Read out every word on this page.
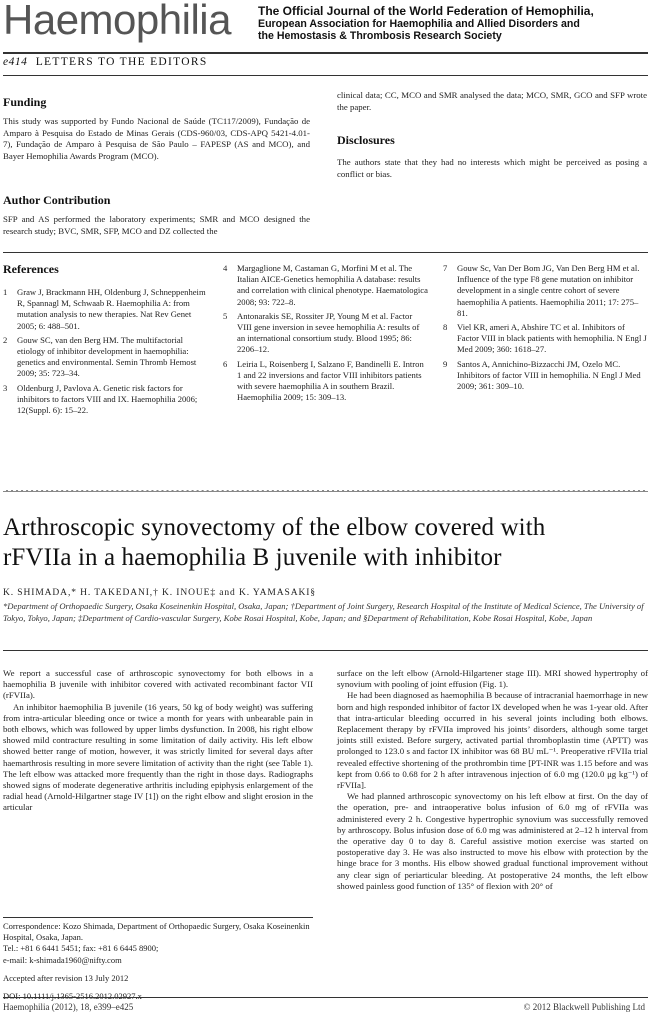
Haemophilia The Official Journal of the World Federation of Hemophilia,
European Association for Haemophilia and Allied Disorders and
the Hemostasis & Thrombosis Research Society
e414 LETTERS TO THE EDITORS
Funding
This study was supported by Fundo Nacional de Saúde (TC117/2009), Fundação de Amparo à Pesquisa do Estado de Minas Gerais (CDS-960/03, CDS-APQ 5421-4.01-7), Fundação de Amparo à Pesquisa de São Paulo – FAPESP (AS and MCO), and Bayer Hemophilia Awards Program (MCO).
Author Contribution
SFP and AS performed the laboratory experiments; SMR and MCO designed the research study; BVC, SMR, SFP, MCO and DZ collected the
clinical data; CC, MCO and SMR analysed the data; MCO, SMR, GCO and SFP wrote the paper.
Disclosures
The authors state that they had no interests which might be perceived as posing a conflict or bias.
References
1 Graw J, Brackmann HH, Oldenburg J, Schneppenheim R, Spannagl M, Schwaab R. Haemophilia A: from mutation analysis to new therapies. Nat Rev Genet 2005; 6: 488–501.
2 Gouw SC, van den Berg HM. The multifactorial etiology of inhibitor development in haemophilia: genetics and environmental. Semin Thromb Hemost 2009; 35: 723–34.
3 Oldenburg J, Pavlova A. Genetic risk factors for inhibitors to factors VIII and IX. Haemophilia 2006; 12(Suppl. 6): 15–22.
4 Margaglione M, Castaman G, Morfini M et al. The Italian AICE-Genetics hemophilia A database: results and correlation with clinical phenotype. Haematologica 2008; 93: 722–8.
5 Antonarakis SE, Rossiter JP, Young M et al. Factor VIII gene inversion in sevee hemophilia A: results of an international consortium study. Blood 1995; 86: 2206–12.
6 Leiria L, Roisenberg I, Salzano F, Bandinelli E. Intron 1 and 22 inversions and factor VIII inhibitors patients with severe haemophilia A in southern Brazil. Haemophilia 2009; 15: 309–13.
7 Gouw Sc, Van Der Bom JG, Van Den Berg HM et al. Influence of the type F8 gene mutation on inhibitor development in a single centre cohort of severe haemophilia A patients. Haemophilia 2011; 17: 275–81.
8 Viel KR, ameri A, Abshire TC et al. Inhibitors of Factor VIII in black patients with hemophilia. N Engl J Med 2009; 360: 1618–27.
9 Santos A, Annichino-Bizzacchi JM, Ozelo MC. Inhibitors of factor VIII in hemophilia. N Engl J Med 2009; 361: 309–10.
Arthroscopic synovectomy of the elbow covered with
rFVIIa in a haemophilia B juvenile with inhibitor
K. SHIMADA,* H. TAKEDANI,† K. INOUE‡ and K. YAMASAKI§
*Department of Orthopaedic Surgery, Osaka Koseinenkin Hospital, Osaka, Japan; †Department of Joint Surgery, Research Hospital of the Institute of Medical Science, The University of Tokyo, Tokyo, Japan; ‡Department of Cardio-vascular Surgery, Kobe Rosai Hospital, Kobe, Japan; and §Department of Rehabilitation, Kobe Rosai Hospital, Kobe, Japan

We report a successful case of arthroscopic synovectomy for both elbows in a haemophilia B juvenile with inhibitor covered with activated recombinant factor VII (rFVIIa).

An inhibitor haemophilia B juvenile (16 years, 50 kg of body weight) was suffering from intra-articular bleeding once or twice a month for years with unbearable pain in both elbows, which was followed by upper limbs dysfunction. In 2008, his right elbow showed mild contracture resulting in some limitation of daily activity. His left elbow showed better range of motion, however, it was strictly limited for several days after haemarthrosis resulting in more severe limitation of activity than the right (see Table 1). The left elbow was attacked more frequently than the right in those days. Radiographs showed signs of moderate degenerative arthritis including epiphysis enlargement of the radial head (Arnold-Hilgartner stage IV [1]) on the right elbow and slight erosion in the articular

surface on the left elbow (Arnold-Hilgartener stage III). MRI showed hypertrophy of synovium with pooling of joint effusion (Fig. 1).

He had been diagnosed as haemophilia B because of intracranial haemorrhage in new born and high responded inhibitor of factor IX developed when he was 1-year old. After that intra-articular bleeding occurred in his several joints including both elbows. Replacement therapy by rFVIIa improved his joints’ disorders, although some target joints still existed. Before surgery, activated partial thromboplastin time (APTT) was prolonged to 123.0 s and factor IX inhibitor was 68 BU mL⁻¹. Preoperative rFVIIa trial revealed effective shortening of the prothrombin time [PT-INR was 1.15 before and was kept from 0.66 to 0.68 for 2 h after intravenous injection of 6.0 mg (120.0 μg kg⁻¹) of rFVIIa].

We had planned arthroscopic synovectomy on his left elbow at first. On the day of the operation, pre- and intraoperative bolus infusion of 6.0 mg of rFVIIa was administered every 2 h. Congestive hypertrophic synovium was successfully removed by arthroscopy. Bolus infusion dose of 6.0 mg was administered at 2–12 h interval from the operative day 0 to day 8. Careful assistive motion exercise was started on postoperative day 3. He was also instructed to move his elbow with protection by the hinge brace for 3 months. His elbow showed gradual functional improvement without any clear sign of periarticular bleeding. At postoperative 24 months, the left elbow showed painless good function of 135° of flexion with 20° of

Correspondence: Kozo Shimada, Department of Orthopaedic Surgery, Osaka Koseinenkin Hospital, Osaka, Japan.
Tel.: +81 6 6441 5451; fax: +81 6 6445 8900;
e-mail: k-shimada1960@nifty.com
Accepted after revision 13 July 2012
Haemophilia (2012), 18, e399–e425	© 2012 Blackwell Publishing Ltd
